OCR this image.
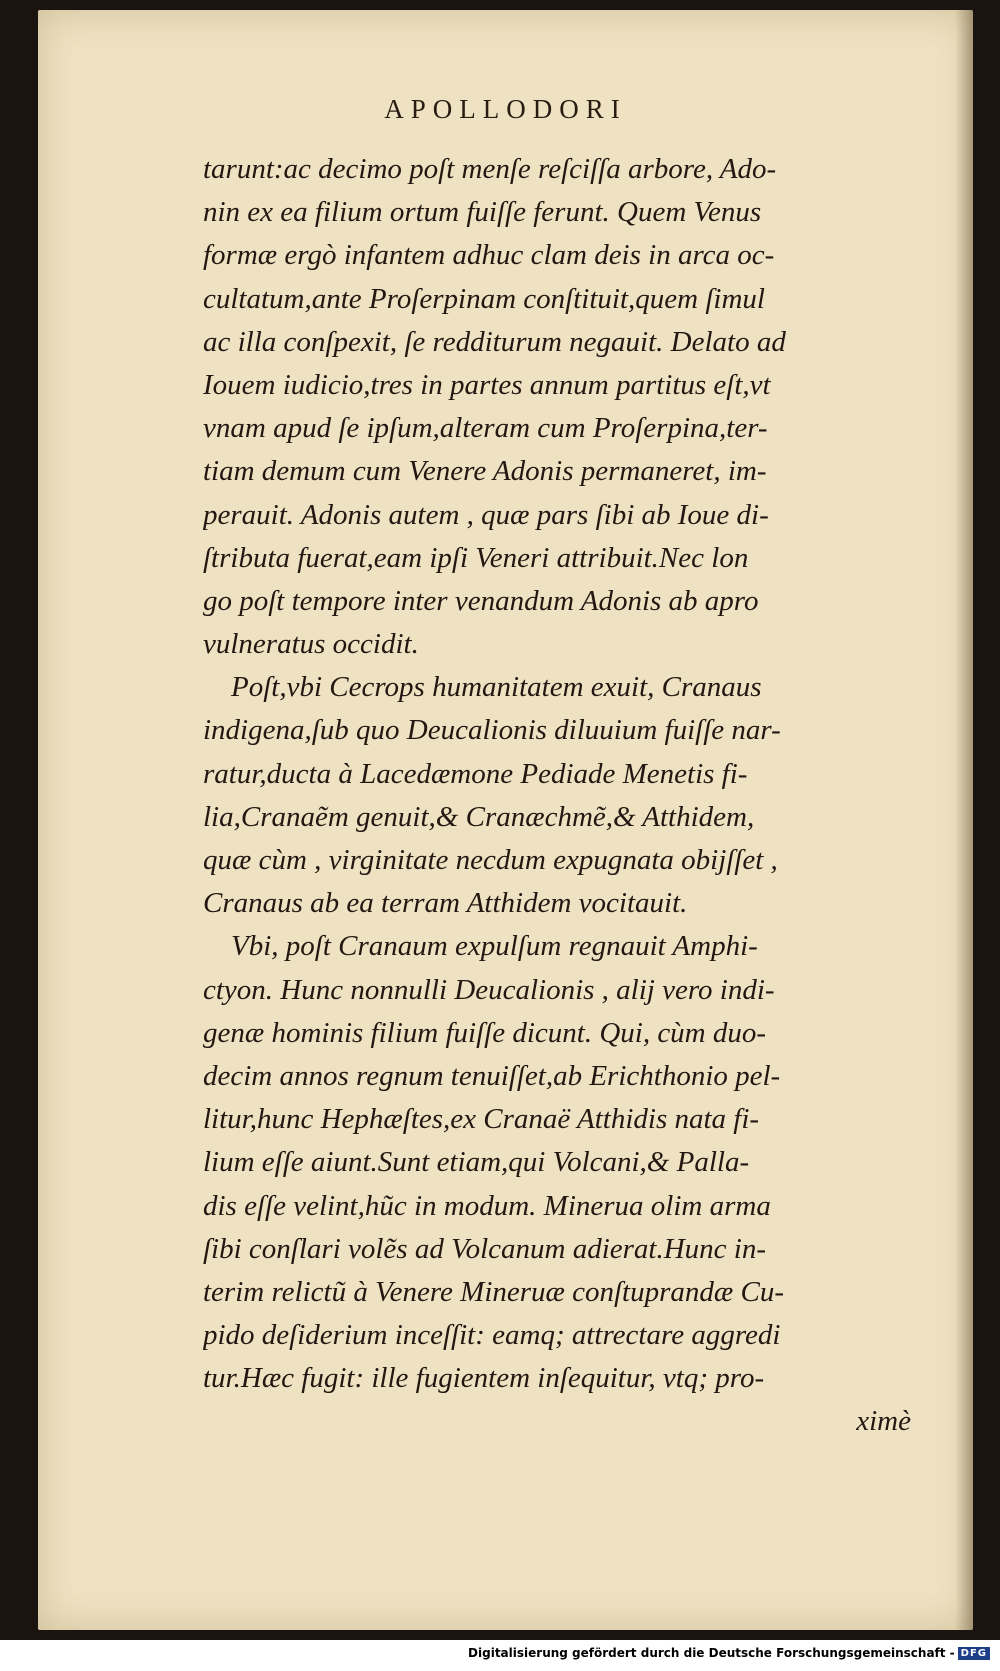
APOLLODORI
tarunt:ac decimo poſt menſe reſciſſa arbore, Ado-
nin ex ea filium ortum fuiſſe ferunt. Quem Venus
formæ ergò infantem adhuc clam deis in arca oc-
cultatum,ante Proſerpinam conſtituit,quem ſimul
ac illa conſpexit, ſe redditurum negauit. Delato ad
Iouem iudicio,tres in partes annum partitus eſt,vt
vnam apud ſe ipſum,alteram cum Proſerpina,ter-
tiam demum cum Venere Adonis permaneret, im-
perauit. Adonis autem , quæ pars ſibi ab Ioue di-
ſtributa fuerat,eam ipſi Veneri attribuit.Nec lon
go poſt tempore inter venandum Adonis ab apro
vulneratus occidit.
Poſt,vbi Cecrops humanitatem exuit, Cranaus
indigena,ſub quo Deucalionis diluuium fuiſſe nar-
ratur,ducta à Lacedæmone Pediade Menetis fi-
lia,Cranaẽm genuit,& Cranæchmẽ,& Atthidem,
quæ cùm , virginitate necdum expugnata obijſſet ,
Cranaus ab ea terram Atthidem vocitauit.
Vbi, poſt Cranaum expulſum regnauit Amphi-
ctyon. Hunc nonnulli Deucalionis , alij vero indi-
genæ hominis filium fuiſſe dicunt. Qui, cùm duo-
decim annos regnum tenuiſſet,ab Erichthonio pel-
litur,hunc Hephæſtes,ex Cranaë Atthidis nata fi-
lium eſſe aiunt.Sunt etiam,qui Volcani,& Palla-
dis eſſe velint,hũc in modum. Minerua olim arma
ſibi conſlari volẽs ad Volcanum adierat.Hunc in-
terim relictũ à Venere Mineruæ conſtuprandæ Cu-
pido deſiderium inceſſit: eamq; attrectare aggredi
tur.Hæc fugit: ille fugientem inſequitur, vtq; pro-
ximè
Digitalisierung gefördert durch die Deutsche Forschungsgemeinschaft - DFG
